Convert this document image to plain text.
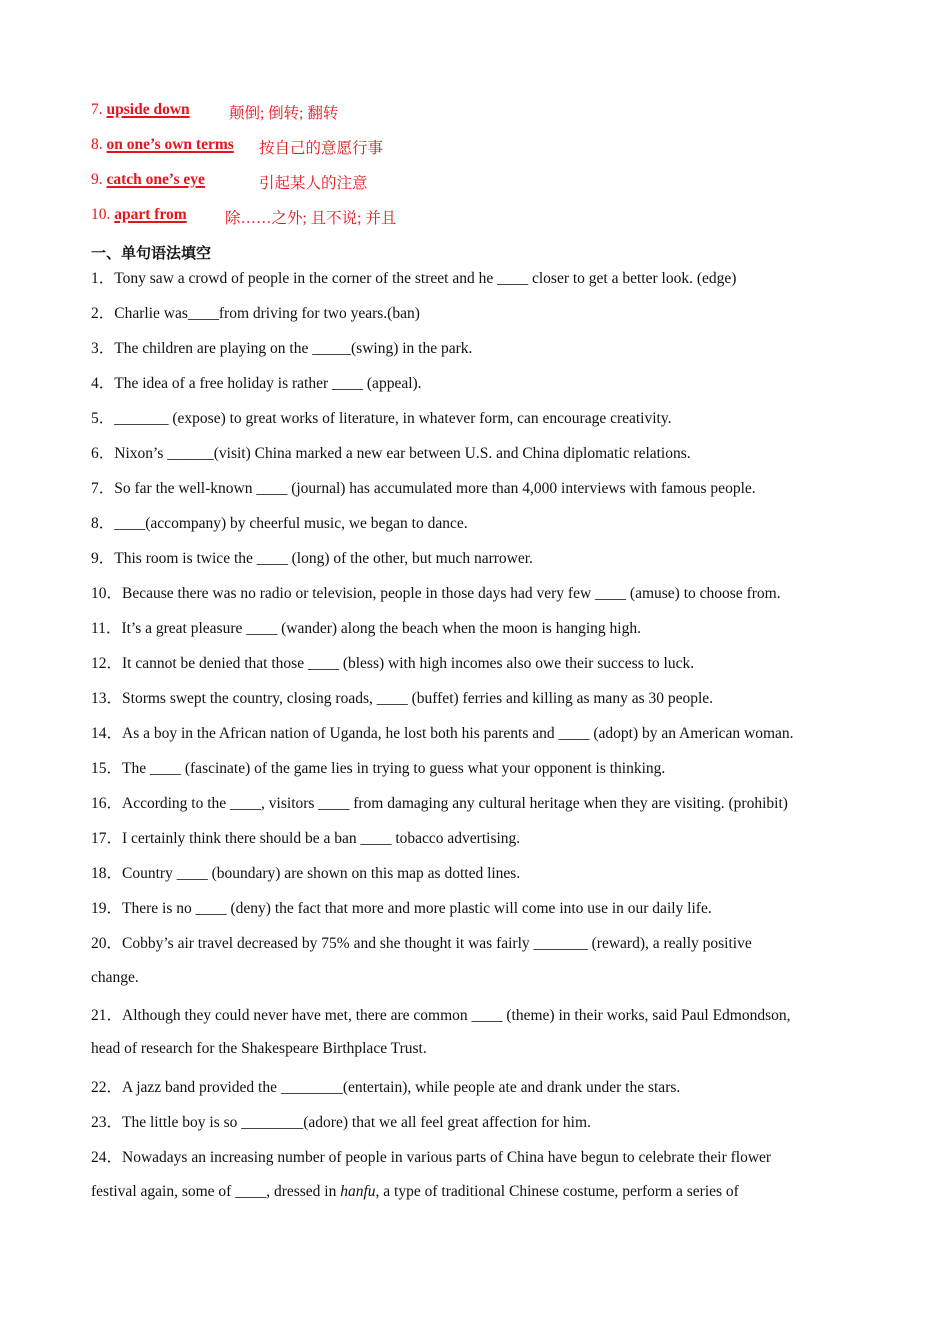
7. upside down	颠倒; 倒转; 翻转
8. on one’s own terms 按自己的意愿行事
9. catch one’s eye	引起某人的注意
10. apart from 除……之外; 且不说; 并且
一、单句语法填空
1．Tony saw a crowd of people in the corner of the street and he ____ closer to get a better look. (edge)
2．Charlie was____from driving for two years.(ban)
3．The children are playing on the _____(swing) in the park.
4．The idea of a free holiday is rather ____ (appeal).
5．_______ (expose) to great works of literature, in whatever form, can encourage creativity.
6．Nixon’s ______(visit) China marked a new ear between U.S. and China diplomatic relations.
7．So far the well-known ____ (journal) has accumulated more than 4,000 interviews with famous people.
8．____(accompany) by cheerful music, we began to dance.
9．This room is twice the ____ (long) of the other, but much narrower.
10．Because there was no radio or television, people in those days had very few ____ (amuse) to choose from.
11．It’s a great pleasure ____ (wander) along the beach when the moon is hanging high.
12．It cannot be denied that those ____ (bless) with high incomes also owe their success to luck.
13．Storms swept the country, closing roads, ____ (buffet) ferries and killing as many as 30 people.
14．As a boy in the African nation of Uganda, he lost both his parents and ____ (adopt) by an American woman.
15．The ____ (fascinate) of the game lies in trying to guess what your opponent is thinking.
16．According to the ____, visitors ____ from damaging any cultural heritage when they are visiting. (prohibit)
17．I certainly think there should be a ban ____ tobacco advertising.
18．Country ____ (boundary) are shown on this map as dotted lines.
19．There is no ____ (deny) the fact that more and more plastic will come into use in our daily life.
20．Cobby’s air travel decreased by 75% and she thought it was fairly _______ (reward), a really positive
change.
21．Although they could never have met, there are common ____ (theme) in their works, said Paul Edmondson,
head of research for the Shakespeare Birthplace Trust.
22．A jazz band provided the ________(entertain), while people ate and drank under the stars.
23．The little boy is so ________(adore) that we all feel great affection for him.
24．Nowadays an increasing number of people in various parts of China have begun to celebrate their flower
festival again, some of ____, dressed in hanfu, a type of traditional Chinese costume, perform a series of
